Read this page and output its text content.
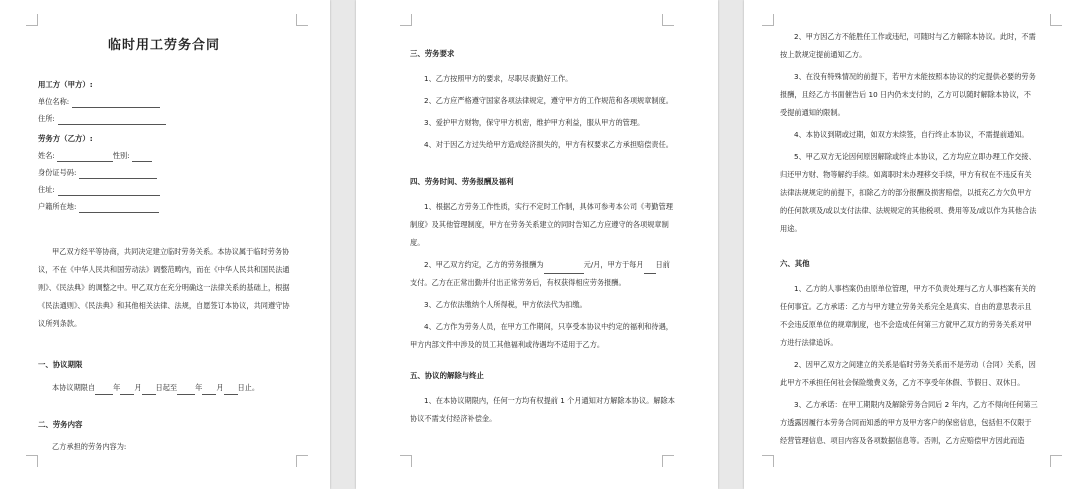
临时用工劳务合同
用工方（甲方）:
单位名称:
住所:
劳务方（乙方）:
姓名:	性别:
身份证号码:
住址:
户籍所在地:

甲乙双方经平等协商，共同决定建立临时劳务关系。本协议属于临时劳务协议，不在《中华人民共和国劳动法》调整范畴内，而在《中华人民共和国民法通则》、《民法典》的调整之中。甲乙双方在充分明确这一法律关系的基础上，根据《民法通则》、《民法典》和其他相关法律、法规，自愿签订本协议，共同遵守协议所列条款。

一、协议期限

本协议期限自	年 月 日起至	年 月 日止。

二、劳务内容

乙方承担的劳务内容为:

三、劳务要求

1、乙方按照甲方的要求，尽职尽责勤好工作。

2、乙方应严格遵守国家各项法律规定，遵守甲方的工作规范和各项规章制度。

3、爱护甲方财物，保守甲方机密，维护甲方利益，服从甲方的管理。

4、对于因乙方过失给甲方造成经济损失的，甲方有权要求乙方承担赔偿责任。

四、劳务时间、劳务报酬及福利

1、根据乙方劳务工作性质，实行不定时工作制，具体可参考本公司《考勤管理制度》及其他管理制度，甲方在劳务关系建立的同时告知乙方应遵守的各项规章制度。

2、甲乙双方约定，乙方的劳务报酬为	元/月，甲方于每月 日前支付。乙方在正常出勤并付出正常劳务后，有权获得相应劳务报酬。

3、乙方依法缴纳个人所得税，甲方依法代为扣缴。

4、乙方作为劳务人员，在甲方工作期间，只享受本协议中约定的福利和待遇，甲方内部文件中涉及的员工其他福利或待遇均不适用于乙方。

五、协议的解除与终止

1、在本协议期限内，任何一方均有权提前 1 个月通知对方解除本协议。解除本协议不需支付经济补偿金。

2、甲方因乙方不能胜任工作或违纪，可随时与乙方解除本协议。此时，不需按上款规定提前通知乙方。

3、在没有特殊情况的前提下，若甲方未能按照本协议的约定提供必要的劳务报酬，且经乙方书面催告后 10 日内仍未支付的，乙方可以随时解除本协议，不受提前通知的限制。

4、本协议到期或过期，如双方未续签，自行终止本协议，不需提前通知。

5、甲乙双方无论因何原因解除或终止本协议，乙方均应立即办理工作交接、归还甲方财、物等解约手续。如离职时未办理移交手续，甲方有权在不违反有关法律法规规定的前提下，扣除乙方的部分报酬及损害赔偿，以抵充乙方欠负甲方的任何款项及/或以支付法律、法规规定的其他税项、费用等及/或以作为其他合法用途。

六、其他

1、乙方的人事档案仍由原单位管理，甲方不负责处理与乙方人事档案有关的任何事宜。乙方承诺：乙方与甲方建立劳务关系完全是真实、自由的意思表示且不会违反原单位的规章制度，也不会造成任何第三方就甲乙双方的劳务关系对甲方进行法律追诉。

2、因甲乙双方之间建立的关系是临时劳务关系而不是劳动（合同）关系，因此甲方不承担任何社会保险缴费义务，乙方不享受年休假、节假日、双休日。

3、乙方承诺：在甲工期限内及解除劳务合同后 2 年内，乙方不得向任何第三方透露因履行本劳务合同而知悉的甲方及甲方客户的保密信息，包括但不仅限于经营管理信息、项目内容及各项数据信息等。否则，乙方应赔偿甲方因此而造
